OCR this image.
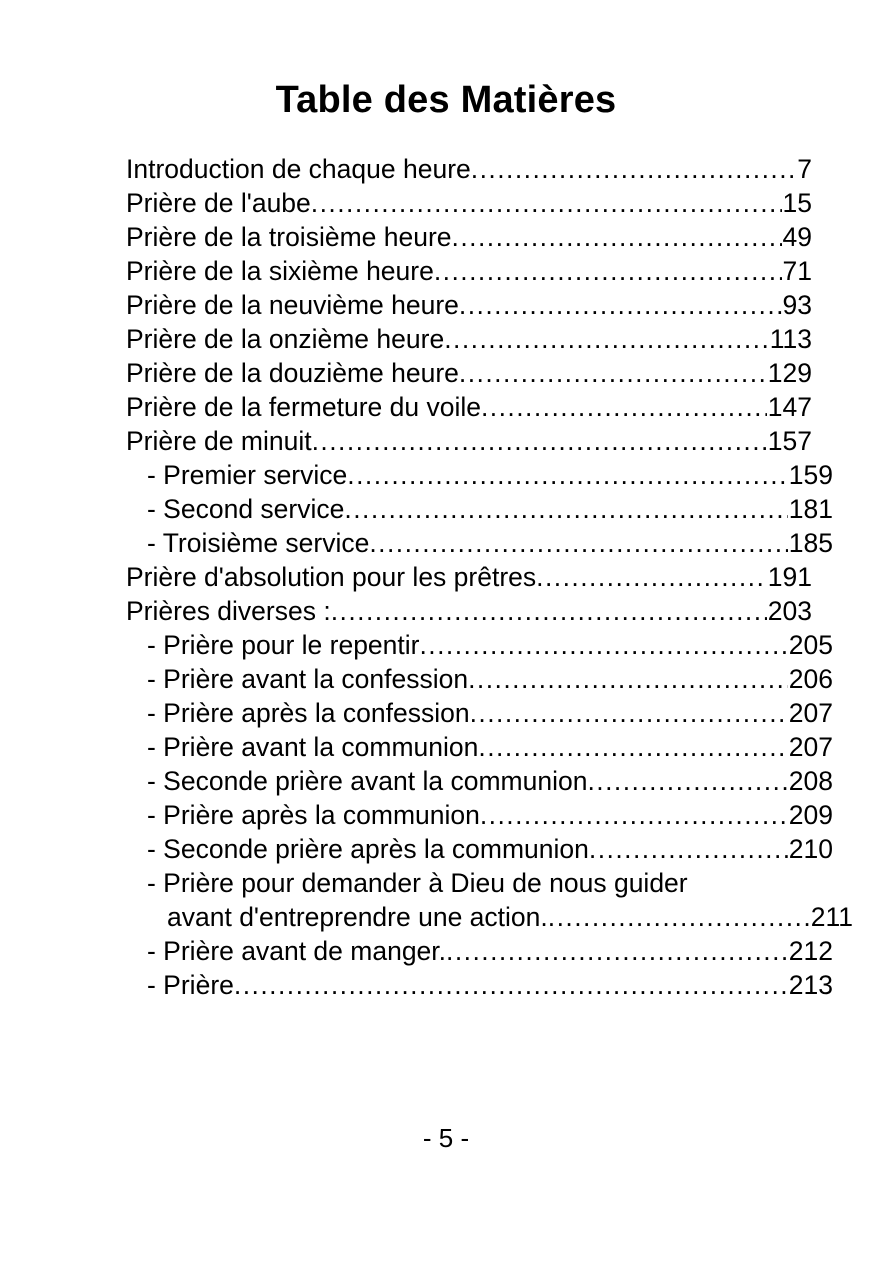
Table des Matières
Introduction de chaque heure .....	7
Prière de l'aube .....	15
Prière de la troisième heure .....	49
Prière de la sixième heure .....	71
Prière de la neuvième heure .....	93
Prière de la onzième heure .....	113
Prière de la douzième heure .....	129
Prière de la fermeture du voile .....	147
Prière de minuit .....	157
- Premier service .....	159
- Second service .....	181
- Troisième service .....	185
Prière d'absolution pour les prêtres .....	191
Prières diverses : .....	203
- Prière pour le repentir .....	205
- Prière avant la confession .....	206
- Prière après la confession .....	207
- Prière avant la communion .....	207
- Seconde prière avant la communion .....	208
- Prière après la communion .....	209
- Seconde prière après la communion .....	210
- Prière pour demander à Dieu de nous guider
avant d'entreprendre une action. .....	211
- Prière avant de manger. .....	212
- Prière .....	213
- 5 -
